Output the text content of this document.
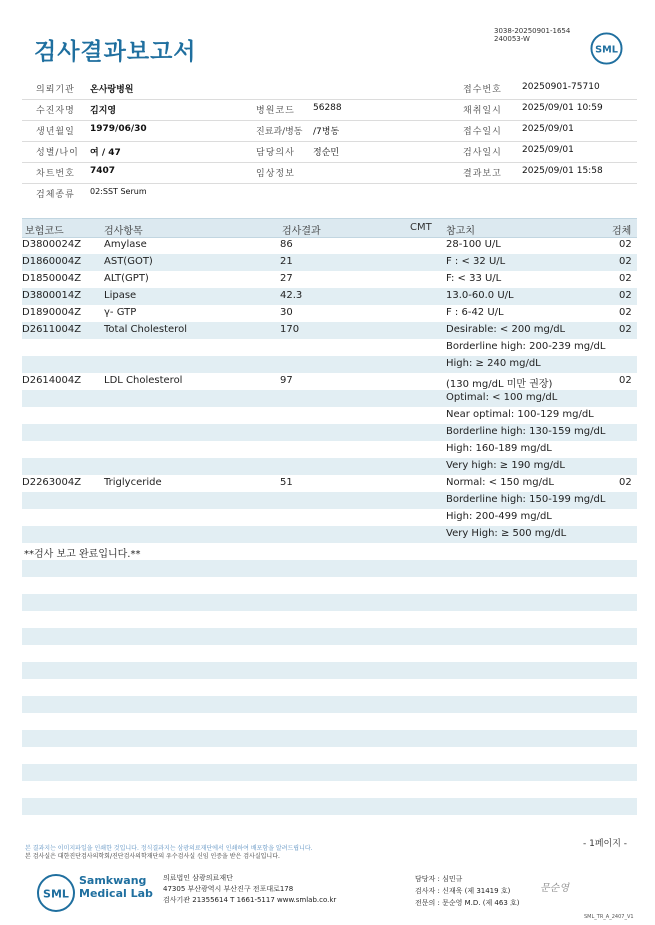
검사결과보고서
3038-20250901-1654
240053-W
SML
의뢰기관 온사랑병원	접수번호 20250901-75710
수진자명 김지영	병원코드 56288	채취일시 2025/09/01 10:59
생년월일 1979/06/30	진료과/병동 /7병동	접수일시 2025/09/01
성별/나이 여 / 47	담당의사 정순민	검사일시 2025/09/01
차트번호 7407	임상정보	결과보고 2025/09/01 15:58
검체종류 02:SST Serum
보험코드	검사항목	검사결과	CMT 참고치	검체
D3800024Z Amylase	86	28-100 U/L	02
D1860004Z AST(GOT)	21	F : < 32 U/L	02
D1850004Z ALT(GPT)	27	F: < 33 U/L	02
D3800014Z Lipase	42.3	13.0-60.0 U/L	02
D1890004Z γ- GTP	30	F : 6-42 U/L	02
D2611004Z Total Cholesterol	170	Desirable: < 200 mg/dL	02
Borderline high: 200-239 mg/dL
High: ≥ 240 mg/dL
D2614004Z LDL Cholesterol	97	(130 mg/dL 미만 권장)	02
Optimal: < 100 mg/dL
Near optimal: 100-129 mg/dL
Borderline high: 130-159 mg/dL
High: 160-189 mg/dL
Very high: ≥ 190 mg/dL
D2263004Z Triglyceride	51	Normal: < 150 mg/dL	02
Borderline high: 150-199 mg/dL
High: 200-499 mg/dL
Very High: ≥ 500 mg/dL
**검사 보고 완료입니다.**
- 1페이지 -
본 결과지는 이미지파일을 인쇄한 것입니다. 정식결과지는 삼광의료재단에서 인쇄하여 배포함을 알려드립니다.
본 검사실은 대한진단검사의학회/진단검사의학재단의 우수검사실 신임 인증을 받은 검사실입니다.
SML
Samkwang
Medical Lab
의료법인 삼광의료재단
47305 부산광역시 부산진구 전포대로178
검사기관 21355614 T 1661-5117 www.smlab.co.kr
담당자 : 심민규
검사자 : 신재욱 (제 31419 호)
전문의 : 문순영 M.D. (제 463 호)
문순영
SML_TR_A_2407_V1
